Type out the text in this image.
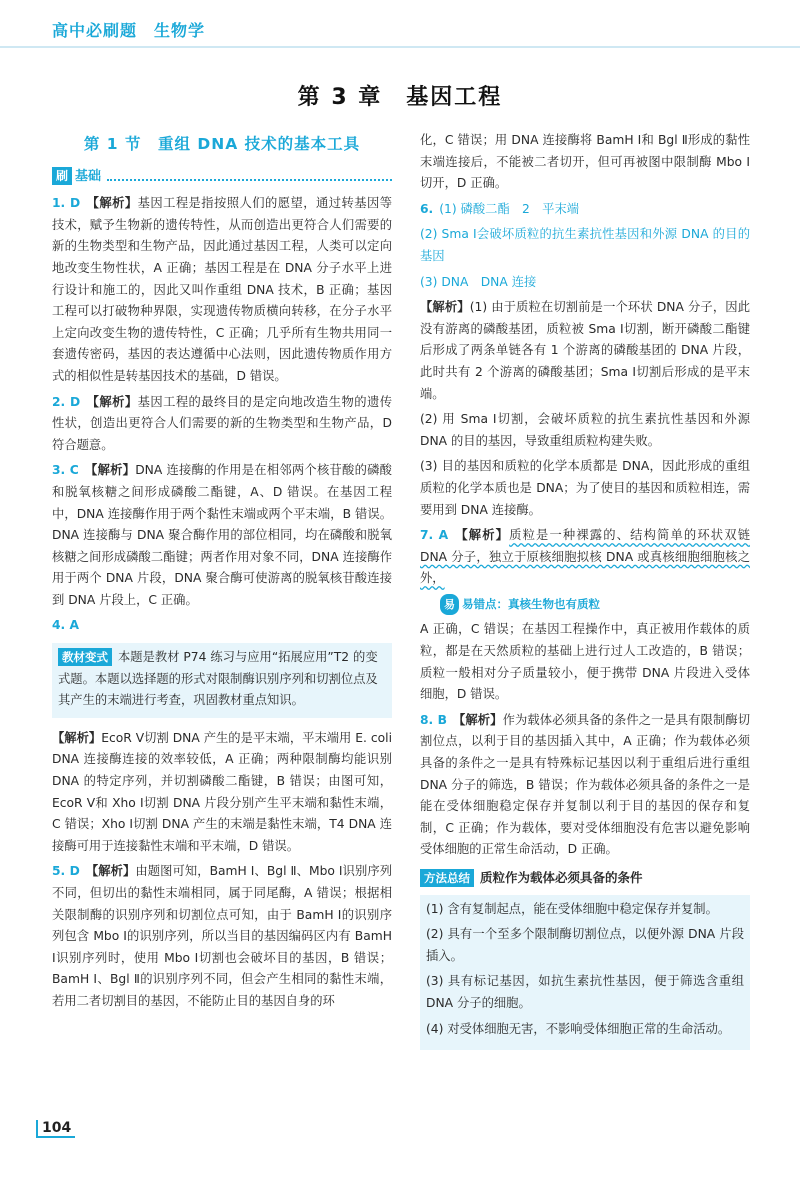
高中必刷题　生物学
第 3 章　基因工程
第 1 节　重组 DNA 技术的基本工具
刷 基础

1. D 【解析】基因工程是指按照人们的愿望，通过转基因等技术，赋予生物新的遗传特性，从而创造出更符合人们需要的新的生物类型和生物产品，因此通过基因工程，人类可以定向地改变生物性状，A 正确；基因工程是在 DNA 分子水平上进行设计和施工的，因此又叫作重组 DNA 技术，B 正确；基因工程可以打破物种界限，实现遗传物质横向转移，在分子水平上定向改变生物的遗传特性，C 正确；几乎所有生物共用同一套遗传密码，基因的表达遵循中心法则，因此遗传物质作用方式的相似性是转基因技术的基础，D 错误。

2. D 【解析】基因工程的最终目的是定向地改造生物的遗传性状，创造出更符合人们需要的新的生物类型和生物产品，D 符合题意。

3. C 【解析】DNA 连接酶的作用是在相邻两个核苷酸的磷酸和脱氧核糖之间形成磷酸二酯键，A、D 错误。在基因工程中，DNA 连接酶作用于两个黏性末端或两个平末端，B 错误。DNA 连接酶与 DNA 聚合酶作用的部位相同，均在磷酸和脱氧核糖之间形成磷酸二酯键；两者作用对象不同，DNA 连接酶作用于两个 DNA 片段，DNA 聚合酶可使游离的脱氧核苷酸连接到 DNA 片段上，C 正确。

4. A

教材变式 本题是教材 P74 练习与应用“拓展应用”T2 的变式题。本题以选择题的形式对限制酶识别序列和切割位点及其产生的末端进行考查，巩固教材重点知识。

【解析】EcoR Ⅴ切割 DNA 产生的是平末端，平末端用 E. coli DNA 连接酶连接的效率较低，A 正确；两种限制酶均能识别 DNA 的特定序列，并切割磷酸二酯键，B 错误；由图可知，EcoR Ⅴ和 Xho Ⅰ切割 DNA 片段分别产生平末端和黏性末端，C 错误；Xho Ⅰ切割 DNA 产生的末端是黏性末端，T4 DNA 连接酶可用于连接黏性末端和平末端，D 错误。

5. D 【解析】由题图可知，BamH Ⅰ、Bgl Ⅱ、Mbo Ⅰ识别序列不同，但切出的黏性末端相同，属于同尾酶，A 错误；根据相关限制酶的识别序列和切割位点可知，由于 BamH Ⅰ的识别序列包含 Mbo Ⅰ的识别序列，所以当目的基因编码区内有 BamH Ⅰ识别序列时，使用 Mbo Ⅰ切割也会破坏目的基因，B 错误；BamH Ⅰ、Bgl Ⅱ的识别序列不同，但会产生相同的黏性末端，若用二者切割目的基因，不能防止目的基因自身的环

化，C 错误；用 DNA 连接酶将 BamH Ⅰ和 Bgl Ⅱ形成的黏性末端连接后，不能被二者切开，但可再被图中限制酶 Mbo Ⅰ切开，D 正确。

6. (1) 磷酸二酯　2　平末端

(2) Sma Ⅰ会破坏质粒的抗生素抗性基因和外源 DNA 的目的基因

(3) DNA　DNA 连接

【解析】(1) 由于质粒在切割前是一个环状 DNA 分子，因此没有游离的磷酸基团，质粒被 Sma Ⅰ切割，断开磷酸二酯键后形成了两条单链各有 1 个游离的磷酸基团的 DNA 片段，此时共有 2 个游离的磷酸基团；Sma Ⅰ切割后形成的是平末端。

(2) 用 Sma Ⅰ切割，会破坏质粒的抗生素抗性基因和外源 DNA 的目的基因，导致重组质粒构建失败。

(3) 目的基因和质粒的化学本质都是 DNA，因此形成的重组质粒的化学本质也是 DNA；为了使目的基因和质粒相连，需要用到 DNA 连接酶。

7. A 【解析】质粒是一种裸露的、结构简单的环状双链 DNA 分子，独立于原核细胞拟核 DNA 或真核细胞细胞核之外，

易 易错点：真核生物也有质粒

A 正确，C 错误；在基因工程操作中，真正被用作载体的质粒，都是在天然质粒的基础上进行过人工改造的，B 错误；质粒一般相对分子质量较小，便于携带 DNA 片段进入受体细胞，D 错误。

8. B 【解析】作为载体必须具备的条件之一是具有限制酶切割位点，以利于目的基因插入其中，A 正确；作为载体必须具备的条件之一是具有特殊标记基因以利于重组后进行重组 DNA 分子的筛选，B 错误；作为载体必须具备的条件之一是能在受体细胞稳定保存并复制以利于目的基因的保存和复制，C 正确；作为载体，要对受体细胞没有危害以避免影响受体细胞的正常生命活动，D 正确。

方法总结 质粒作为载体必须具备的条件

(1) 含有复制起点，能在受体细胞中稳定保存并复制。

(2) 具有一个至多个限制酶切割位点，以便外源 DNA 片段插入。

(3) 具有标记基因，如抗生素抗性基因，便于筛选含重组 DNA 分子的细胞。

(4) 对受体细胞无害，不影响受体细胞正常的生命活动。

104
